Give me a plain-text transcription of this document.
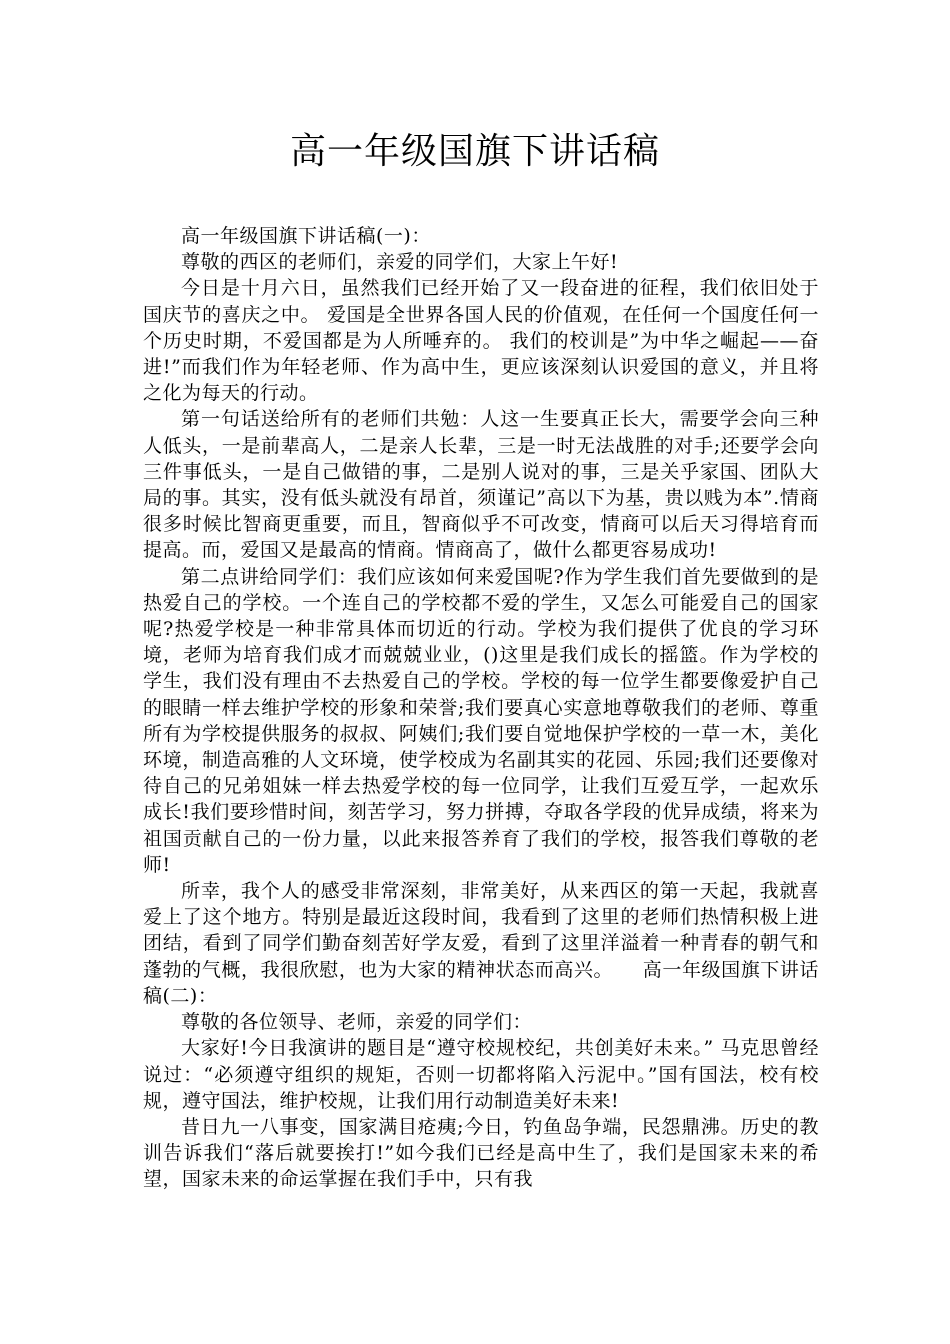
高一年级国旗下讲话稿

高一年级国旗下讲话稿(一)：

尊敬的西区的老师们，亲爱的同学们，大家上午好!

今日是十月六日，虽然我们已经开始了又一段奋进的征程，我们依旧处于国庆节的喜庆之中。 爱国是全世界各国人民的价值观，在任何一个国度任何一个历史时期，不爱国都是为人所唾弃的。 我们的校训是”为中华之崛起——奋进!”而我们作为年轻老师、作为高中生，更应该深刻认识爱国的意义，并且将之化为每天的行动。

第一句话送给所有的老师们共勉：人这一生要真正长大，需要学会向三种人低头，一是前辈高人，二是亲人长辈，三是一时无法战胜的对手;还要学会向三件事低头，一是自己做错的事，二是别人说对的事，三是关乎家国、团队大局的事。其实，没有低头就没有昂首，须谨记”高以下为基，贵以贱为本”.情商很多时候比智商更重要，而且，智商似乎不可改变，情商可以后天习得培育而提高。而，爱国又是最高的情商。情商高了，做什么都更容易成功!

第二点讲给同学们：我们应该如何来爱国呢?作为学生我们首先要做到的是热爱自己的学校。一个连自己的学校都不爱的学生，又怎么可能爱自己的国家呢?热爱学校是一种非常具体而切近的行动。学校为我们提供了优良的学习环境，老师为培育我们成才而兢兢业业，()这里是我们成长的摇篮。作为学校的学生，我们没有理由不去热爱自己的学校。学校的每一位学生都要像爱护自己的眼睛一样去维护学校的形象和荣誉;我们要真心实意地尊敬我们的老师、尊重所有为学校提供服务的叔叔、阿姨们;我们要自觉地保护学校的一草一木，美化环境，制造高雅的人文环境，使学校成为名副其实的花园、乐园;我们还要像对待自己的兄弟姐妹一样去热爱学校的每一位同学，让我们互爱互学，一起欢乐成长!我们要珍惜时间，刻苦学习，努力拼搏，夺取各学段的优异成绩，将来为祖国贡献自己的一份力量，以此来报答养育了我们的学校，报答我们尊敬的老师!

所幸，我个人的感受非常深刻，非常美好，从来西区的第一天起，我就喜爱上了这个地方。特别是最近这段时间，我看到了这里的老师们热情积极上进团结，看到了同学们勤奋刻苦好学友爱，看到了这里洋溢着一种青春的朝气和蓬勃的气概，我很欣慰，也为大家的精神状态而高兴。　　高一年级国旗下讲话稿(二)：

尊敬的各位领导、老师，亲爱的同学们：

大家好!今日我演讲的题目是“遵守校规校纪，共创美好未来。” 马克思曾经说过：“必须遵守组织的规矩，否则一切都将陷入污泥中。”国有国法，校有校规，遵守国法，维护校规，让我们用行动制造美好未来!

昔日九一八事变，国家满目疮痍;今日，钓鱼岛争端，民怨鼎沸。历史的教训告诉我们“落后就要挨打!”如今我们已经是高中生了，我们是国家未来的希望，国家未来的命运掌握在我们手中，只有我
